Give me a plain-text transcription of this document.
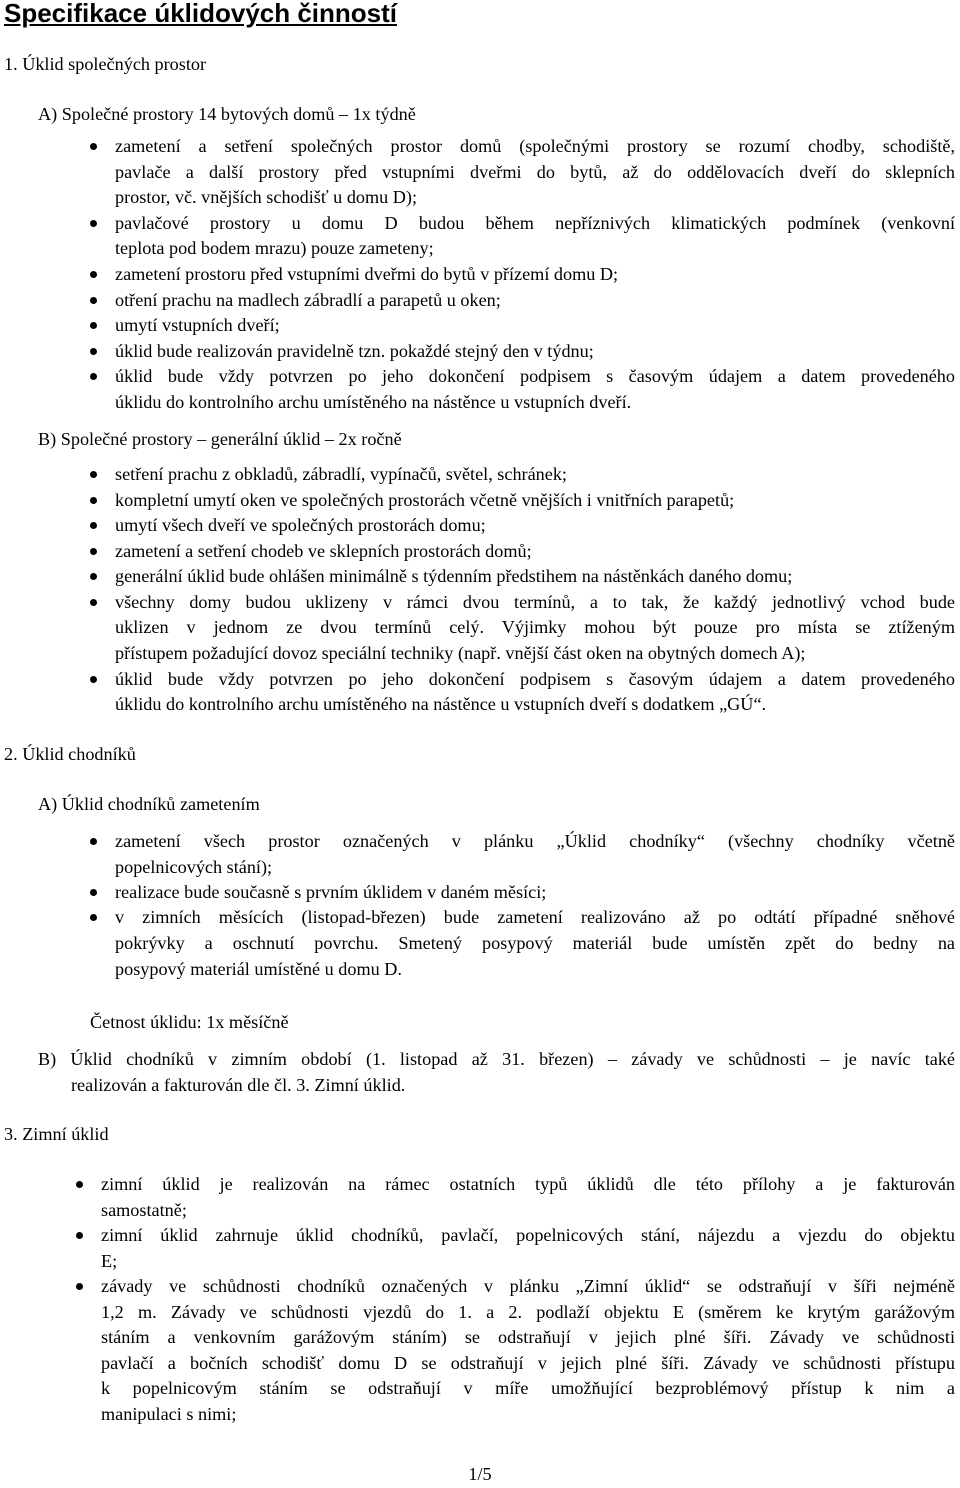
Specifikace úklidových činností
1. Úklid společných prostor
A) Společné prostory 14 bytových domů – 1x týdně
zametení a setření společných prostor domů (společnými prostory se rozumí chodby, schodiště,
pavlače a další prostory před vstupními dveřmi do bytů, až do oddělovacích dveří do sklepních
prostor, vč. vnějších schodišť u domu D);
pavlačové prostory u domu D budou během nepříznivých klimatických podmínek (venkovní
teplota pod bodem mrazu) pouze zameteny;
zametení prostoru před vstupními dveřmi do bytů v přízemí domu D;
otření prachu na madlech zábradlí a parapetů u oken;
umytí vstupních dveří;
úklid bude realizován pravidelně tzn. pokaždé stejný den v týdnu;
úklid bude vždy potvrzen po jeho dokončení podpisem s časovým údajem a datem provedeného
úklidu do kontrolního archu umístěného na nástěnce u vstupních dveří.
B) Společné prostory – generální úklid – 2x ročně
setření prachu z obkladů, zábradlí, vypínačů, světel, schránek;
kompletní umytí oken ve společných prostorách včetně vnějších i vnitřních parapetů;
umytí všech dveří ve společných prostorách domu;
zametení a setření chodeb ve sklepních prostorách domů;
generální úklid bude ohlášen minimálně s týdenním předstihem na nástěnkách daného domu;
všechny domy budou uklizeny v rámci dvou termínů, a to tak, že každý jednotlivý vchod bude
uklizen v jednom ze dvou termínů celý. Výjimky mohou být pouze pro místa se ztíženým
přístupem požadující dovoz speciální techniky (např. vnější část oken na obytných domech A);
úklid bude vždy potvrzen po jeho dokončení podpisem s časovým údajem a datem provedeného
úklidu do kontrolního archu umístěného na nástěnce u vstupních dveří s dodatkem „GÚ“.
2. Úklid chodníků
A) Úklid chodníků zametením
zametení všech prostor označených v plánku „Úklid chodníky“ (všechny chodníky včetně
popelnicových stání);
realizace bude současně s prvním úklidem v daném měsíci;
v zimních měsících (listopad-březen) bude zametení realizováno až po odtátí případné sněhové
pokrývky a oschnutí povrchu. Smetený posypový materiál bude umístěn zpět do bedny na
posypový materiál umístěné u domu D.
Četnost úklidu: 1x měsíčně
B) Úklid chodníků v zimním období (1. listopad až 31. březen) – závady ve schůdnosti – je navíc také
realizován a fakturován dle čl. 3. Zimní úklid.
3. Zimní úklid
zimní úklid je realizován na rámec ostatních typů úklidů dle této přílohy a je fakturován
samostatně;
zimní úklid zahrnuje úklid chodníků, pavlačí, popelnicových stání, nájezdu a vjezdu do objektu
E;
závady ve schůdnosti chodníků označených v plánku „Zimní úklid“ se odstraňují v šíři nejméně
1,2 m. Závady ve schůdnosti vjezdů do 1. a 2. podlaží objektu E (směrem ke krytým garážovým
stáním a venkovním garážovým stáním) se odstraňují v jejich plné šíři. Závady ve schůdnosti
pavlačí a bočních schodišť domu D se odstraňují v jejich plné šíři. Závady ve schůdnosti přístupu
k popelnicovým stáním se odstraňují v míře umožňující bezproblémový přístup k nim a
manipulaci s nimi;
1/5
